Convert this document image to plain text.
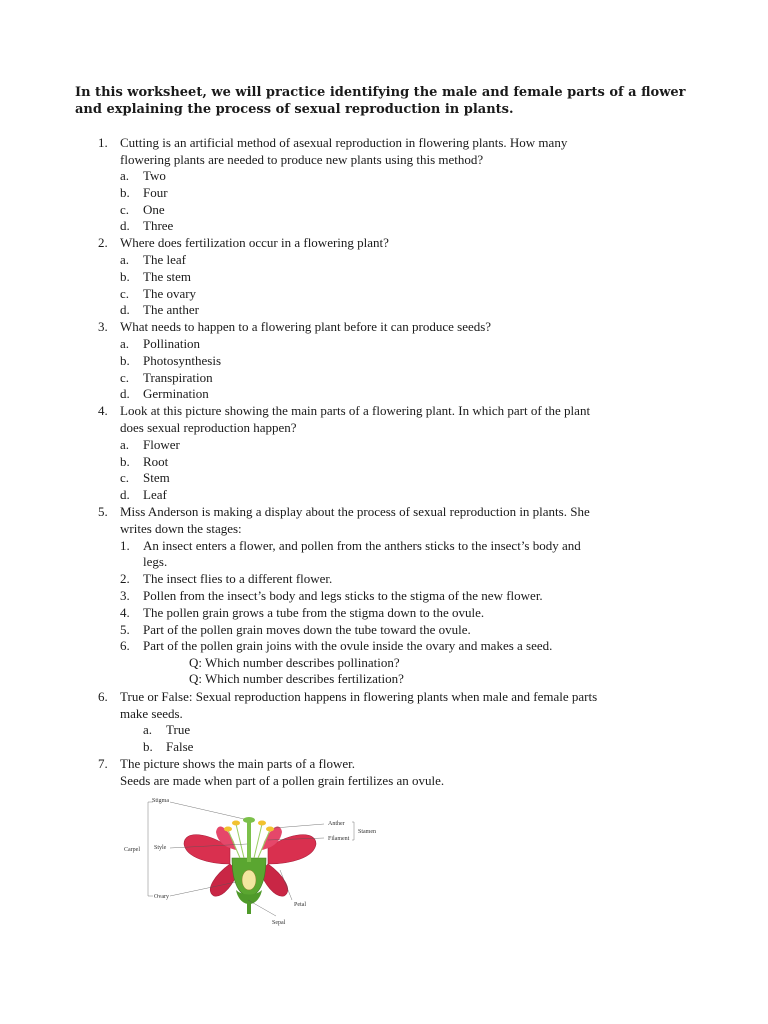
In this worksheet, we will practice identifying the male and female parts of a flower and explaining the process of sexual reproduction in plants.
1. Cutting is an artificial method of asexual reproduction in flowering plants. How many
flowering plants are needed to produce new plants using this method?
a. Two
b. Four
c. One
d. Three
2. Where does fertilization occur in a flowering plant?
a. The leaf
b. The stem
c. The ovary
d. The anther
3. What needs to happen to a flowering plant before it can produce seeds?
a. Pollination
b. Photosynthesis
c. Transpiration
d. Germination
4. Look at this picture showing the main parts of a flowering plant. In which part of the plant
does sexual reproduction happen?
a. Flower
b. Root
c. Stem
d. Leaf
5. Miss Anderson is making a display about the process of sexual reproduction in plants. She
writes down the stages:
1. An insect enters a flower, and pollen from the anthers sticks to the insect’s body and
legs.
2. The insect flies to a different flower.
3. Pollen from the insect’s body and legs sticks to the stigma of the new flower.
4. The pollen grain grows a tube from the stigma down to the ovule.
5. Part of the pollen grain moves down the tube toward the ovule.
6. Part of the pollen grain joins with the ovule inside the ovary and makes a seed.
Q: Which number describes pollination?
Q: Which number describes fertilization?
6. True or False: Sexual reproduction happens in flowering plants when male and female parts
make seeds.
a. True
b. False
7. The picture shows the main parts of a flower.
Seeds are made when part of a pollen grain fertilizes an ovule.
Stigma
Anther
Stamen
Filament
Carpel Style
Ovary
Petal
Sepal
